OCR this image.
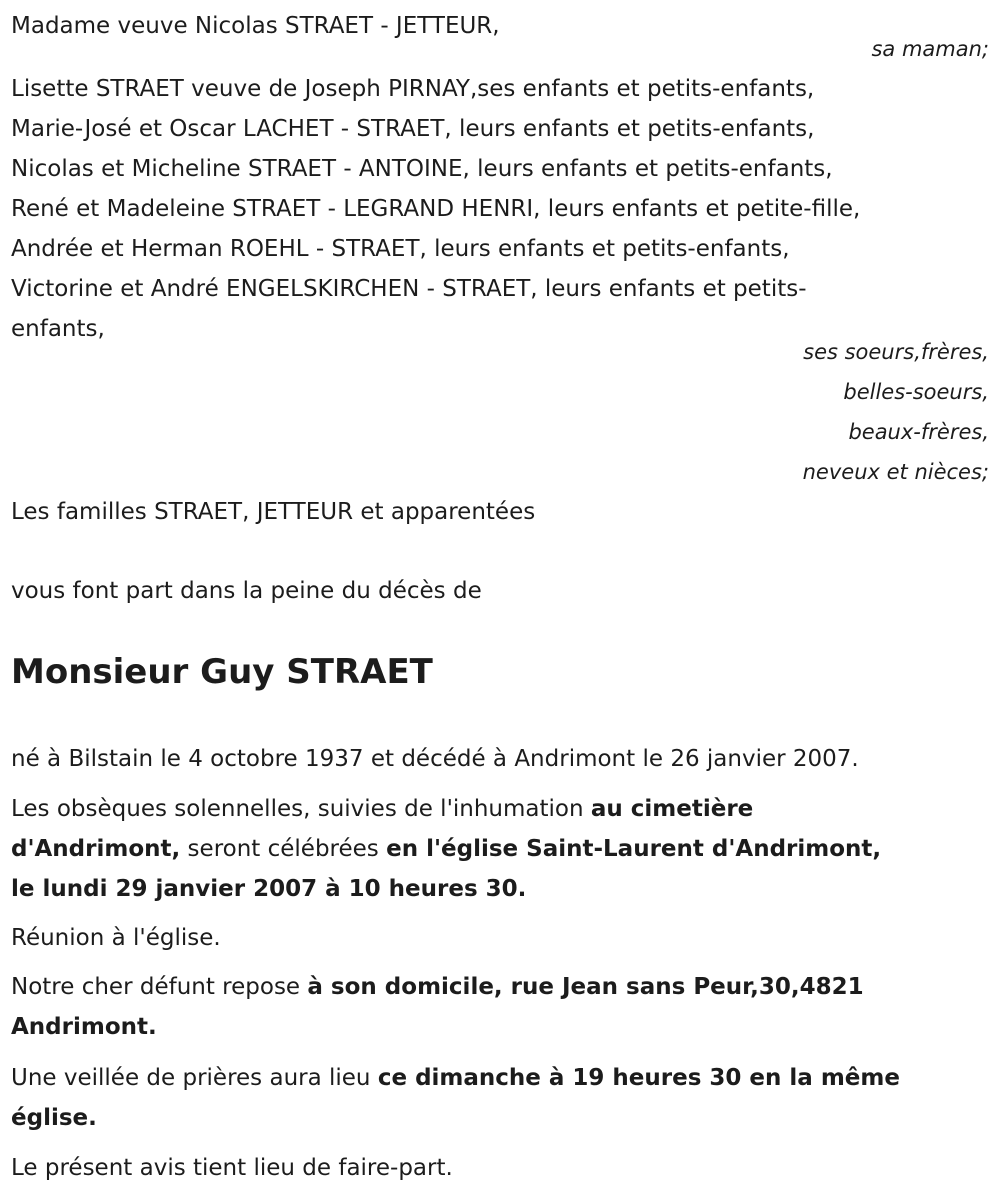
Madame veuve Nicolas STRAET - JETTEUR,
sa maman;
Lisette STRAET veuve de Joseph PIRNAY,ses enfants et petits-enfants,
Marie-José et Oscar LACHET - STRAET, leurs enfants et petits-enfants,
Nicolas et Micheline STRAET - ANTOINE, leurs enfants et petits-enfants,
René et Madeleine STRAET - LEGRAND HENRI, leurs enfants et petite-fille,
Andrée et Herman ROEHL - STRAET, leurs enfants et petits-enfants,
Victorine et André ENGELSKIRCHEN - STRAET, leurs enfants et petits-
enfants,
ses soeurs,frères,
belles-soeurs,
beaux-frères,
neveux et nièces;
Les familles STRAET, JETTEUR et apparentées
vous font part dans la peine du décès de
Monsieur Guy STRAET
né à Bilstain le 4 octobre 1937 et décédé à Andrimont le 26 janvier 2007.
Les obsèques solennelles, suivies de l'inhumation au cimetière
d'Andrimont, seront célébrées en l'église Saint-Laurent d'Andrimont,
le lundi 29 janvier 2007 à 10 heures 30.
Réunion à l'église.
Notre cher défunt repose à son domicile, rue Jean sans Peur,30,4821
Andrimont.
Une veillée de prières aura lieu ce dimanche à 19 heures 30 en la même
église.
Le présent avis tient lieu de faire-part.
